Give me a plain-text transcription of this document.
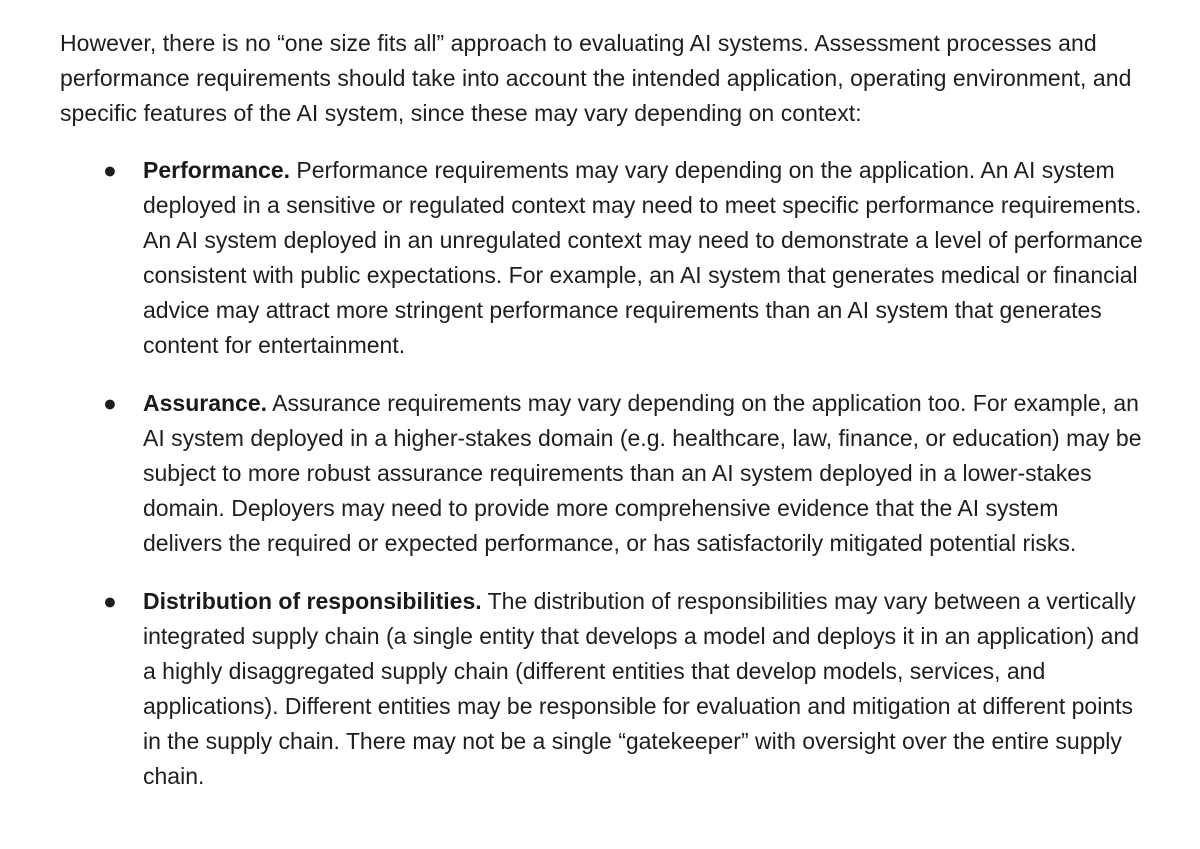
However, there is no “one size fits all” approach to evaluating AI systems. Assessment processes and performance requirements should take into account the intended application, operating environment, and specific features of the AI system, since these may vary depending on context:

● Performance. Performance requirements may vary depending on the application. An AI system deployed in a sensitive or regulated context may need to meet specific performance requirements. An AI system deployed in an unregulated context may need to demonstrate a level of performance consistent with public expectations. For example, an AI system that generates medical or financial advice may attract more stringent performance requirements than an AI system that generates content for entertainment.
● Assurance. Assurance requirements may vary depending on the application too. For example, an AI system deployed in a higher-stakes domain (e.g. healthcare, law, finance, or education) may be subject to more robust assurance requirements than an AI system deployed in a lower-stakes domain. Deployers may need to provide more comprehensive evidence that the AI system delivers the required or expected performance, or has satisfactorily mitigated potential risks.
● Distribution of responsibilities. The distribution of responsibilities may vary between a vertically integrated supply chain (a single entity that develops a model and deploys it in an application) and a highly disaggregated supply chain (different entities that develop models, services, and applications). Different entities may be responsible for evaluation and mitigation at different points in the supply chain. There may not be a single “gatekeeper” with oversight over the entire supply chain.
